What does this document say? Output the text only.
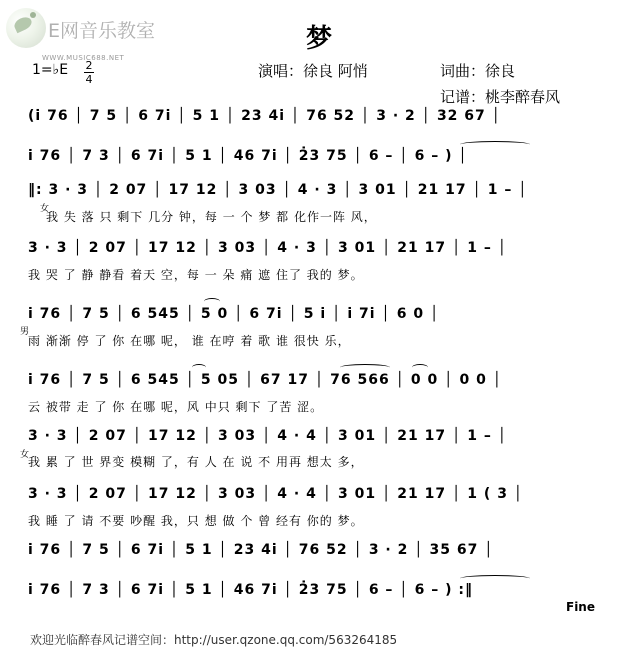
E网音乐教室
WWW.MUSIC688.NET
梦
1=♭E 2
4	演唱：徐良 阿悄	词曲：徐良
记谱：桃李醉春风
(i̇ 76 │ 7 5 │ 6 7i̇ │ 5 1 │ 23 4i̇ │ 76 52 │ 3 · 2 │ 32 67 │
i̇ 76 │ 7 3 │ 6 7i̇ │ 5 1 │ 46 7i̇ │ 2̇3 75 │ 6 – │ 6 – ) │
‖: 3 · 3 │ 2 07 │ 17 12 │ 3 03 │ 4 · 3 │ 3 01 │ 21 17 │ 1 – │
女
我 失 落 只 剩下 几分 钟，每 一 个 梦 都 化作一阵 风，
3 · 3 │ 2 07 │ 17 12 │ 3 03 │ 4 · 3 │ 3 01 │ 21 17 │ 1 – │
我 哭 了 静 静看 着天 空，每 一 朵 痛 遮 住了 我的 梦。
i̇ 76 │ 7 5 │ 6 545 │ 5 0 │ 6 7i̇ │ 5 i̇ │ i̇ 7i̇ │ 6 0 │
男
雨 渐渐 停 了 你 在哪 呢， 谁 在哼 着 歌 谁 很快 乐，
i̇ 76 │ 7 5 │ 6 545 │ 5 05 │ 67 17 │ 76 566 │ 0 0 │ 0 0 │
云 被带 走 了 你 在哪 呢，风 中只 剩下 了苦 涩。
3 · 3 │ 2 07 │ 17 12 │ 3 03 │ 4 · 4 │ 3 01 │ 21 17 │ 1 – │
女
我 累 了 世 界变 模糊 了，有 人 在 说 不 用再 想太 多，
3 · 3 │ 2 07 │ 17 12 │ 3 03 │ 4 · 4 │ 3 01 │ 21 17 │ 1 ( 3 │
我 睡 了 请 不要 吵醒 我，只 想 做 个 曾 经有 你的 梦。
i̇ 76 │ 7 5 │ 6 7i̇ │ 5 1 │ 23 4i̇ │ 76 52 │ 3 · 2 │ 35 67 │
i̇ 76 │ 7 3 │ 6 7i̇ │ 5 1 │ 46 7i̇ │ 2̇3 75 │ 6 – │ 6 – ) :‖
Fine
欢迎光临醉春风记谱空间：http://user.qzone.qq.com/563264185
